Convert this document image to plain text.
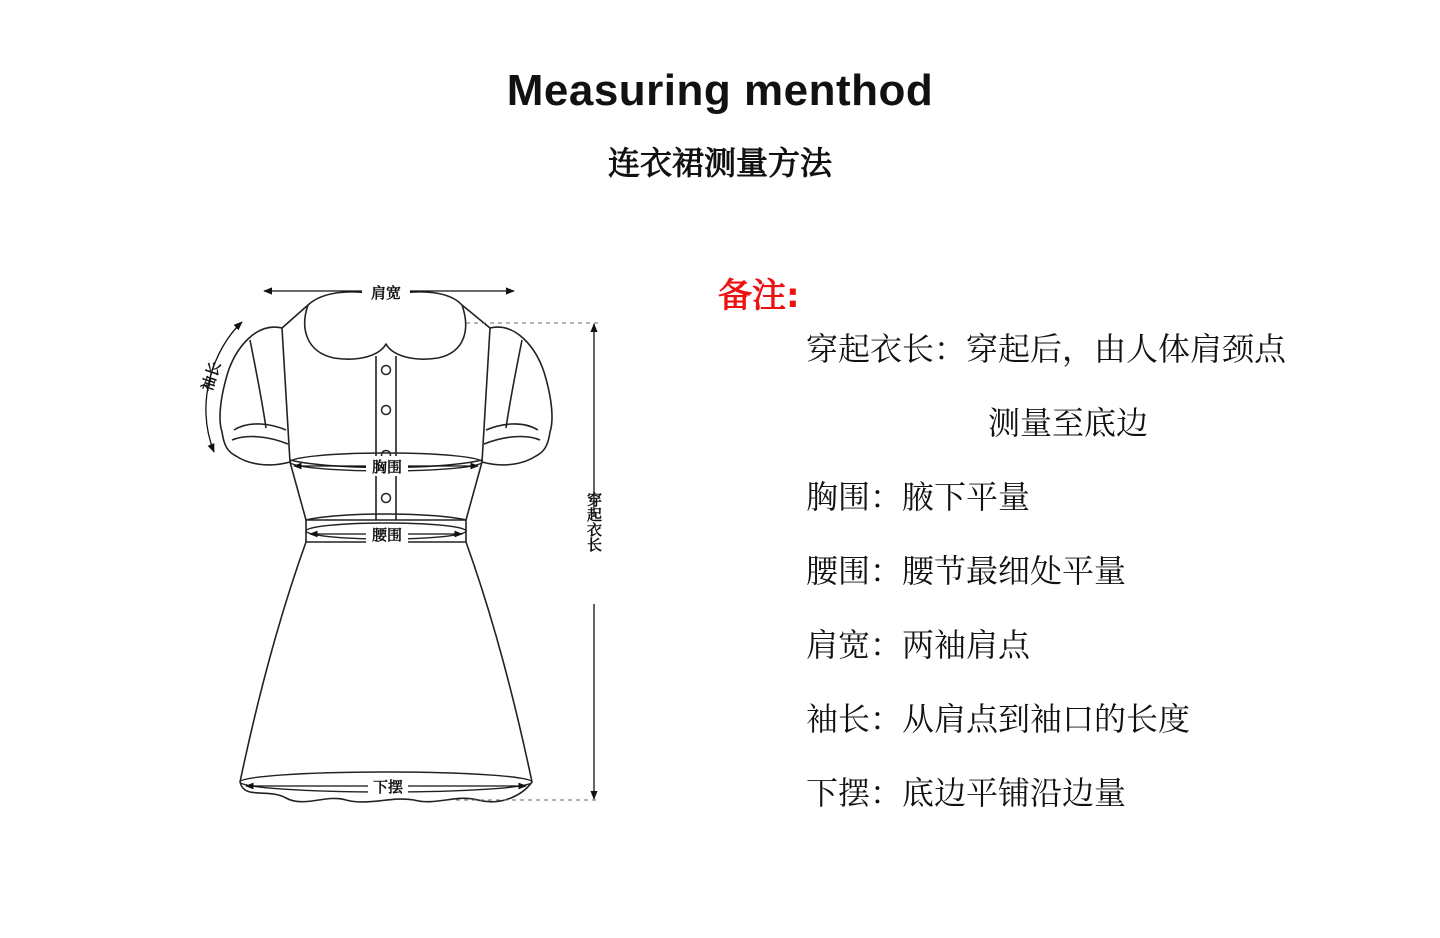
Measuring menthod
连衣裙测量方法
肩宽
袖长
胸围
腰围
下摆
穿起衣长

备注:

穿起衣长：穿起后，由人体肩颈点

测量至底边

胸围：腋下平量

腰围：腰节最细处平量

肩宽：两袖肩点

袖长：从肩点到袖口的长度

下摆：底边平铺沿边量
